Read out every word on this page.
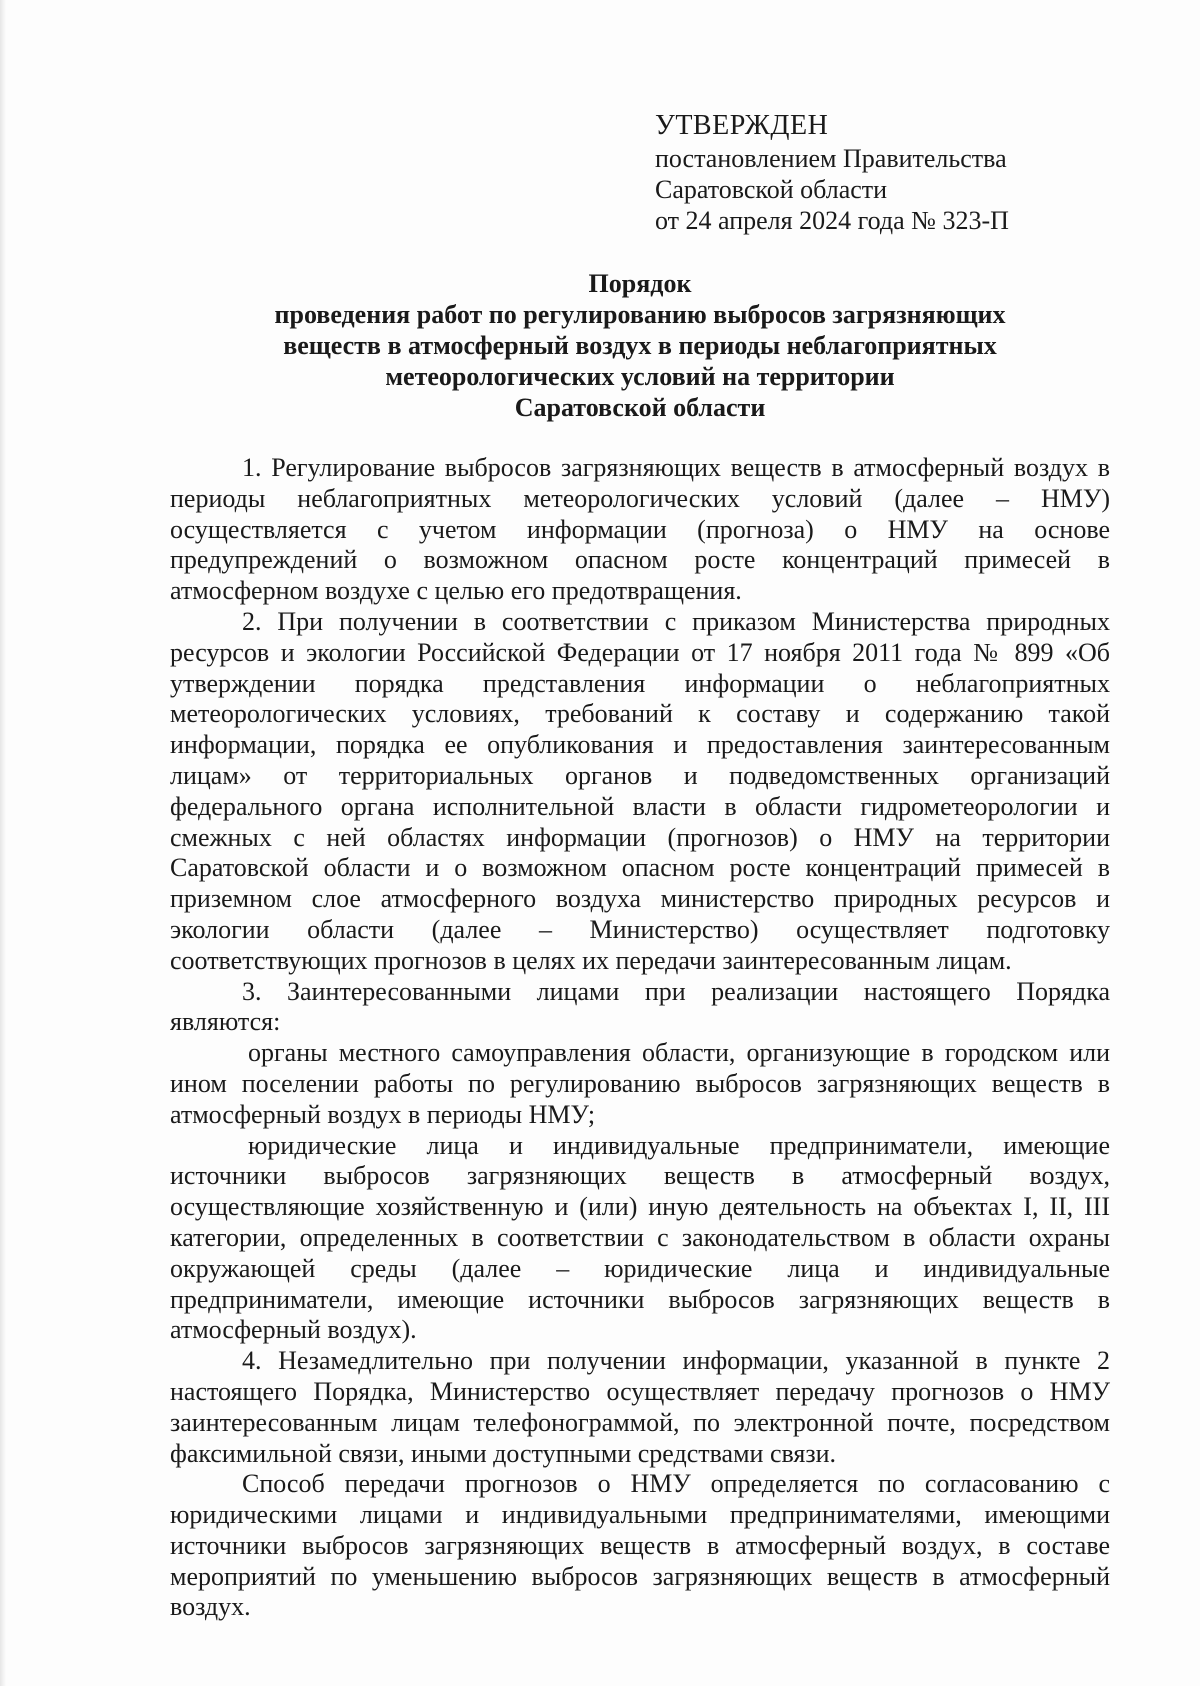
УТВЕРЖДЕН
постановлением Правительства
Саратовской области
от 24 апреля 2024 года № 323-П
Порядок
проведения работ по регулированию выбросов загрязняющих
веществ в атмосферный воздух в периоды неблагоприятных
метеорологических условий на территории
Саратовской области

1. Регулирование выбросов загрязняющих веществ в атмосферный воздух в периоды неблагоприятных метеорологических условий (далее – НМУ) осуществляется с учетом информации (прогноза) о НМУ на основе предупреждений о возможном опасном росте концентраций примесей в атмосферном воздухе с целью его предотвращения.

2. При получении в соответствии с приказом Министерства природных ресурсов и экологии Российской Федерации от 17 ноября 2011 года № 899 «Об утверждении порядка представления информации о неблагоприятных метеорологических условиях, требований к составу и содержанию такой информации, порядка ее опубликования и предоставления заинтересованным лицам» от территориальных органов и подведомственных организаций федерального органа исполнительной власти в области гидрометеорологии и смежных с ней областях информации (прогнозов) о НМУ на территории Саратовской области и о возможном опасном росте концентраций примесей в приземном слое атмосферного воздуха министерство природных ресурсов и экологии области (далее – Министерство) осуществляет подготовку соответствующих прогнозов в целях их передачи заинтересованным лицам.

3. Заинтересованными лицами при реализации настоящего Порядка являются:

органы местного самоуправления области, организующие в городском или ином поселении работы по регулированию выбросов загрязняющих веществ в атмосферный воздух в периоды НМУ;

юридические лица и индивидуальные предприниматели, имеющие источники выбросов загрязняющих веществ в атмосферный воздух, осуществляющие хозяйственную и (или) иную деятельность на объектах I, II, III категории, определенных в соответствии с законодательством в области охраны окружающей среды (далее – юридические лица и индивидуальные предприниматели, имеющие источники выбросов загрязняющих веществ в атмосферный воздух).

4. Незамедлительно при получении информации, указанной в пункте 2 настоящего Порядка, Министерство осуществляет передачу прогнозов о НМУ заинтересованным лицам телефонограммой, по электронной почте, посредством факсимильной связи, иными доступными средствами связи.

Способ передачи прогнозов о НМУ определяется по согласованию с юридическими лицами и индивидуальными предпринимателями, имеющими источники выбросов загрязняющих веществ в атмосферный воздух, в составе мероприятий по уменьшению выбросов загрязняющих веществ в атмосферный воздух.
